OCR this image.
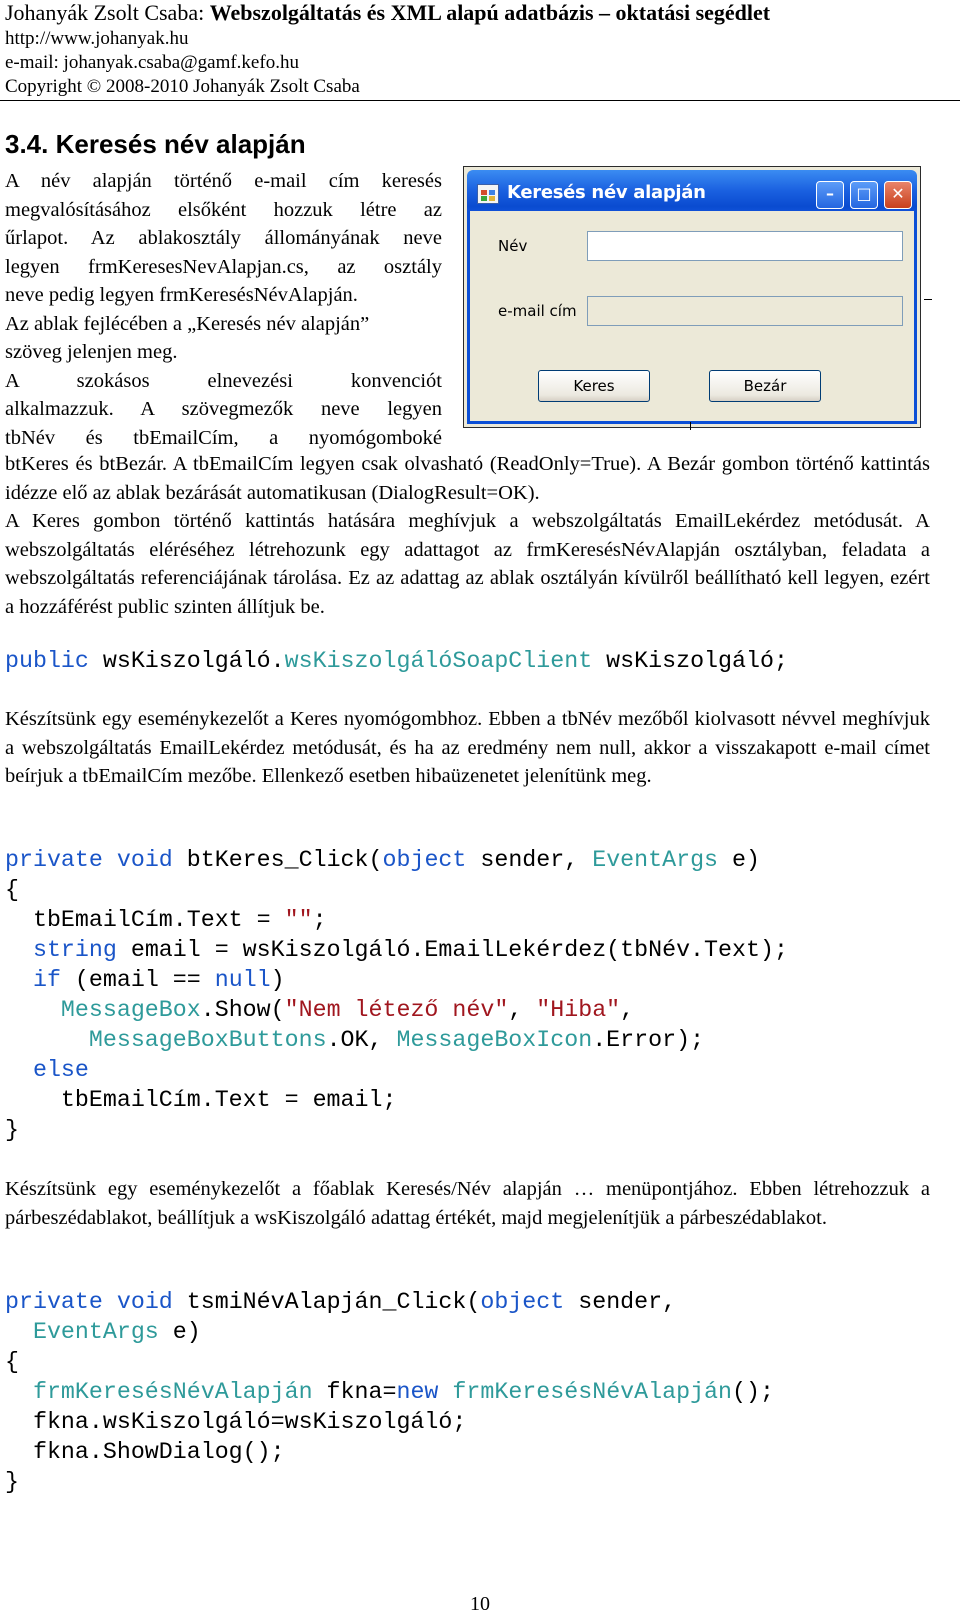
Johanyák Zsolt Csaba: Webszolgáltatás és XML alapú adatbázis – oktatási segédlet
http://www.johanyak.hu
e-mail: johanyak.csaba@gamf.kefo.hu
Copyright © 2008-2010 Johanyák Zsolt Csaba
3.4. Keresés név alapján
A név alapján történő e-mail cím keresés
megvalósításához elsőként hozzuk létre az
űrlapot. Az ablakosztály állományának neve
legyen frmKeresesNevAlapjan.cs, az osztály
neve pedig legyen frmKeresésNévAlapján.
Az ablak fejlécében a „Keresés név alapján”
szöveg jelenjen meg.
A szokásos elnevezési konvenciót
alkalmazzuk. A szövegmezők neve legyen
tbNév és tbEmailCím, a nyomógomboké
Keresés név alapján	–	□	✕
Név
e-mail cím
Keres	Bezár
btKeres és btBezár. A tbEmailCím legyen csak olvasható (ReadOnly=True). A Bezár gombon történő kattintás idézze elő az ablak bezárását automatikusan (DialogResult=OK).
A Keres gombon történő kattintás hatására meghívjuk a webszolgáltatás EmailLekérdez metódusát. A webszolgáltatás eléréséhez létrehozunk egy adattagot az frmKeresésNévAlapján osztályban, feladata a webszolgáltatás referenciájának tárolása. Ez az adattag az ablak osztályán kívülről beállítható kell legyen, ezért a hozzáférést public szinten állítjuk be.
public wsKiszolgáló.wsKiszolgálóSoapClient wsKiszolgáló;
Készítsünk egy eseménykezelőt a Keres nyomógombhoz. Ebben a tbNév mezőből kiolvasott névvel meghívjuk a webszolgáltatás EmailLekérdez metódusát, és ha az eredmény nem null, akkor a visszakapott e-mail címet beírjuk a tbEmailCím mezőbe. Ellenkező esetben hibaüzenetet jelenítünk meg.
private void btKeres_Click(object sender, EventArgs e)
{
tbEmailCím.Text = "";
string email = wsKiszolgáló.EmailLekérdez(tbNév.Text);
if (email == null)
MessageBox.Show("Nem létező név", "Hiba",
MessageBoxButtons.OK, MessageBoxIcon.Error);
else
tbEmailCím.Text = email;
}
Készítsünk egy eseménykezelőt a főablak Keresés/Név alapján … menüpontjához. Ebben létrehozzuk a párbeszédablakot, beállítjuk a wsKiszolgáló adattag értékét, majd megjelenítjük a párbeszédablakot.
private void tsmiNévAlapján_Click(object sender,
EventArgs e)
{
frmKeresésNévAlapján fkna=new frmKeresésNévAlapján();
fkna.wsKiszolgáló=wsKiszolgáló;
fkna.ShowDialog();
}
10
